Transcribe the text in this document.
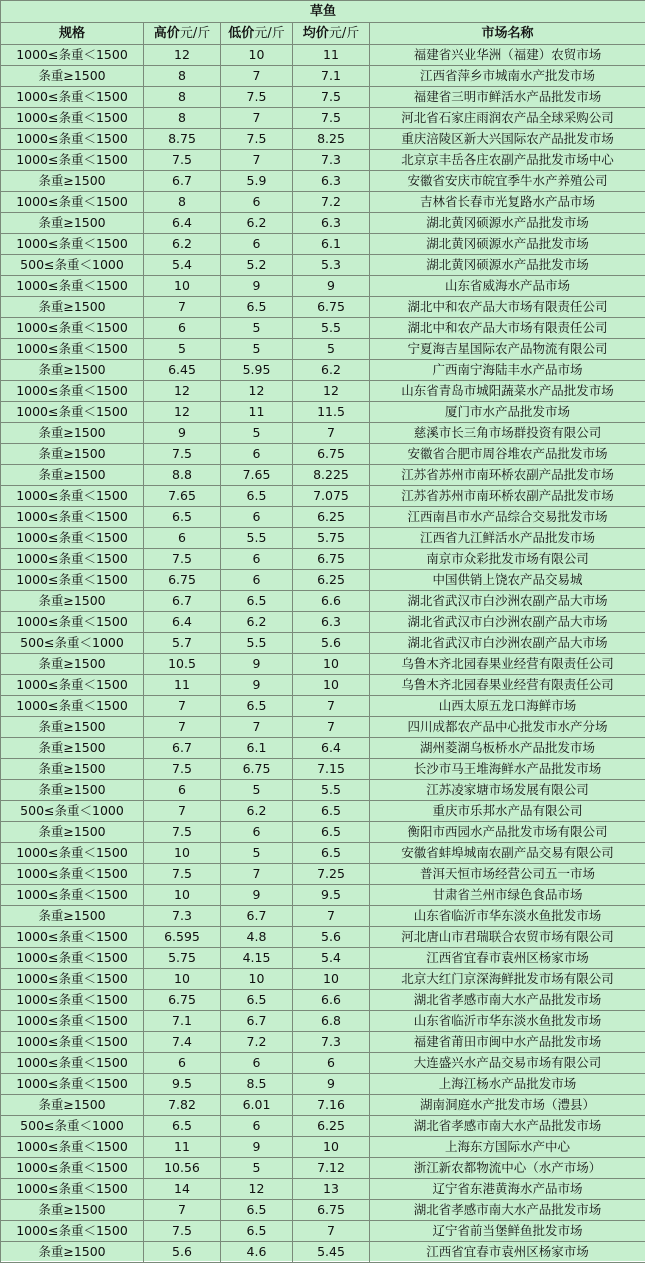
草鱼				
规格	高价元/斤	低价元/斤	均价元/斤	市场名称
1000≤条重＜1500	12	10	11	福建省兴业华洲（福建）农贸市场
条重≥1500	8	7	7.1	江西省萍乡市城南水产批发市场
1000≤条重＜1500	8	7.5	7.5	福建省三明市鲜活水产品批发市场
1000≤条重＜1500	8	7	7.5	河北省石家庄雨润农产品全球采购公司
1000≤条重＜1500	8.75	7.5	8.25	重庆涪陵区新大兴国际农产品批发市场
1000≤条重＜1500	7.5	7	7.3	北京京丰岳各庄农副产品批发市场中心
条重≥1500	6.7	5.9	6.3	安徽省安庆市皖宜季牛水产养殖公司
1000≤条重＜1500	8	6	7.2	吉林省长春市光复路水产品市场
条重≥1500	6.4	6.2	6.3	湖北黄冈硕源水产品批发市场
1000≤条重＜1500	6.2	6	6.1	湖北黄冈硕源水产品批发市场
500≤条重＜1000	5.4	5.2	5.3	湖北黄冈硕源水产品批发市场
1000≤条重＜1500	10	9	9	山东省威海水产品市场
条重≥1500	7	6.5	6.75	湖北中和农产品大市场有限责任公司
1000≤条重＜1500	6	5	5.5	湖北中和农产品大市场有限责任公司
1000≤条重＜1500	5	5	5	宁夏海吉星国际农产品物流有限公司
条重≥1500	6.45	5.95	6.2	广西南宁海陆丰水产品市场
1000≤条重＜1500	12	12	12	山东省青岛市城阳蔬菜水产品批发市场
1000≤条重＜1500	12	11	11.5	厦门市水产品批发市场
条重≥1500	9	5	7	慈溪市长三角市场群投资有限公司
条重≥1500	7.5	6	6.75	安徽省合肥市周谷堆农产品批发市场
条重≥1500	8.8	7.65	8.225	江苏省苏州市南环桥农副产品批发市场
1000≤条重＜1500	7.65	6.5	7.075	江苏省苏州市南环桥农副产品批发市场
1000≤条重＜1500	6.5	6	6.25	江西南昌市水产品综合交易批发市场
1000≤条重＜1500	6	5.5	5.75	江西省九江鲜活水产品批发市场
1000≤条重＜1500	7.5	6	6.75	南京市众彩批发市场有限公司
1000≤条重＜1500	6.75	6	6.25	中国供销上饶农产品交易城
条重≥1500	6.7	6.5	6.6	湖北省武汉市白沙洲农副产品大市场
1000≤条重＜1500	6.4	6.2	6.3	湖北省武汉市白沙洲农副产品大市场
500≤条重＜1000	5.7	5.5	5.6	湖北省武汉市白沙洲农副产品大市场
条重≥1500	10.5	9	10	乌鲁木齐北园春果业经营有限责任公司
1000≤条重＜1500	11	9	10	乌鲁木齐北园春果业经营有限责任公司
1000≤条重＜1500	7	6.5	7	山西太原五龙口海鲜市场
条重≥1500	7	7	7	四川成都农产品中心批发市水产分场
条重≥1500	6.7	6.1	6.4	湖州菱湖乌板桥水产品批发市场
条重≥1500	7.5	6.75	7.15	长沙市马王堆海鲜水产品批发市场
条重≥1500	6	5	5.5	江苏凌家塘市场发展有限公司
500≤条重＜1000	7	6.2	6.5	重庆市乐邦水产品有限公司
条重≥1500	7.5	6	6.5	衡阳市西园水产品批发市场有限公司
1000≤条重＜1500	10	5	6.5	安徽省蚌埠城南农副产品交易有限公司
1000≤条重＜1500	7.5	7	7.25	普洱天恒市场经营公司五一市场
1000≤条重＜1500	10	9	9.5	甘肃省兰州市绿色食品市场
条重≥1500	7.3	6.7	7	山东省临沂市华东淡水鱼批发市场
1000≤条重＜1500	6.595	4.8	5.6	河北唐山市君瑞联合农贸市场有限公司
1000≤条重＜1500	5.75	4.15	5.4	江西省宜春市袁州区杨家市场
1000≤条重＜1500	10	10	10	北京大红门京深海鲜批发市场有限公司
1000≤条重＜1500	6.75	6.5	6.6	湖北省孝感市南大水产品批发市场
1000≤条重＜1500	7.1	6.7	6.8	山东省临沂市华东淡水鱼批发市场
1000≤条重＜1500	7.4	7.2	7.3	福建省莆田市闽中水产品批发市场
1000≤条重＜1500	6	6	6	大连盛兴水产品交易市场有限公司
1000≤条重＜1500	9.5	8.5	9	上海江杨水产品批发市场
条重≥1500	7.82	6.01	7.16	湖南洞庭水产批发市场（澧县）
500≤条重＜1000	6.5	6	6.25	湖北省孝感市南大水产品批发市场
1000≤条重＜1500	11	9	10	上海东方国际水产中心
1000≤条重＜1500	10.56	5	7.12	浙江新农都物流中心（水产市场）
1000≤条重＜1500	14	12	13	辽宁省东港黄海水产品市场
条重≥1500	7	6.5	6.75	湖北省孝感市南大水产品批发市场
1000≤条重＜1500	7.5	6.5	7	辽宁省前当堡鲜鱼批发市场
条重≥1500	5.6	4.6	5.45	江西省宜春市袁州区杨家市场
